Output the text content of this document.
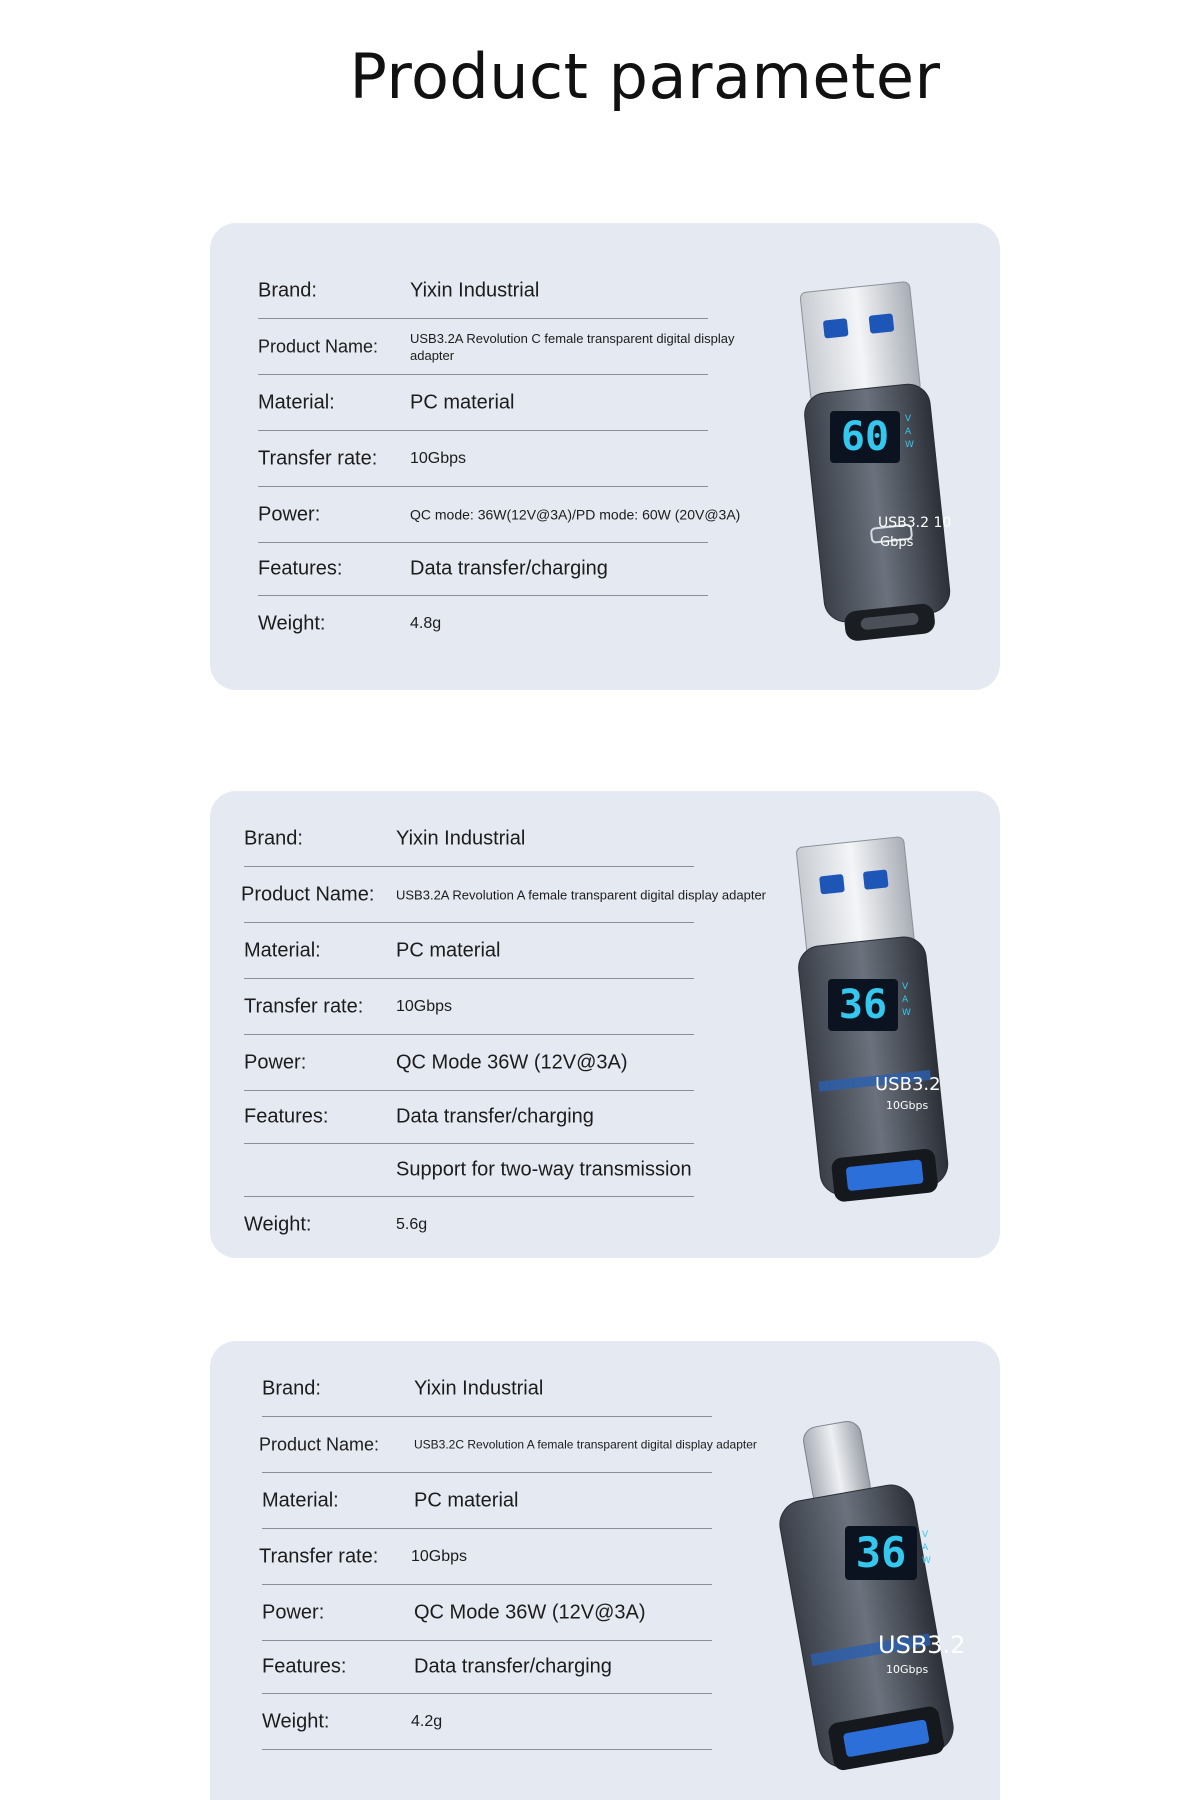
Product parameter
Brand:	Yixin Industrial
Product Name: USB3.2A Revolution C female transparent digital display adapter
Material:	PC material
Transfer rate: 10Gbps
Power:	QC mode: 36W(12V@3A)/PD mode: 60W (20V@3A)
Features:	Data transfer/charging
Weight:	4.8g
60	V A W
USB3.2 10
Gbps
Brand:	Yixin Industrial
Product Name: USB3.2A Revolution A female transparent digital display adapter
Material:	PC material
Transfer rate: 10Gbps
Power:	QC Mode 36W (12V@3A)
Features:	Data transfer/charging
Support for two-way transmission
Weight:	5.6g
36	V A W
USB3.2
10Gbps
Brand:	Yixin Industrial
Product Name:	USB3.2C Revolution A female transparent digital display adapter
Material:	PC material
Transfer rate: 10Gbps
Power:	QC Mode 36W (12V@3A)
Features:	Data transfer/charging
Weight:	4.2g
36	V A W
USB3.2
10Gbps
